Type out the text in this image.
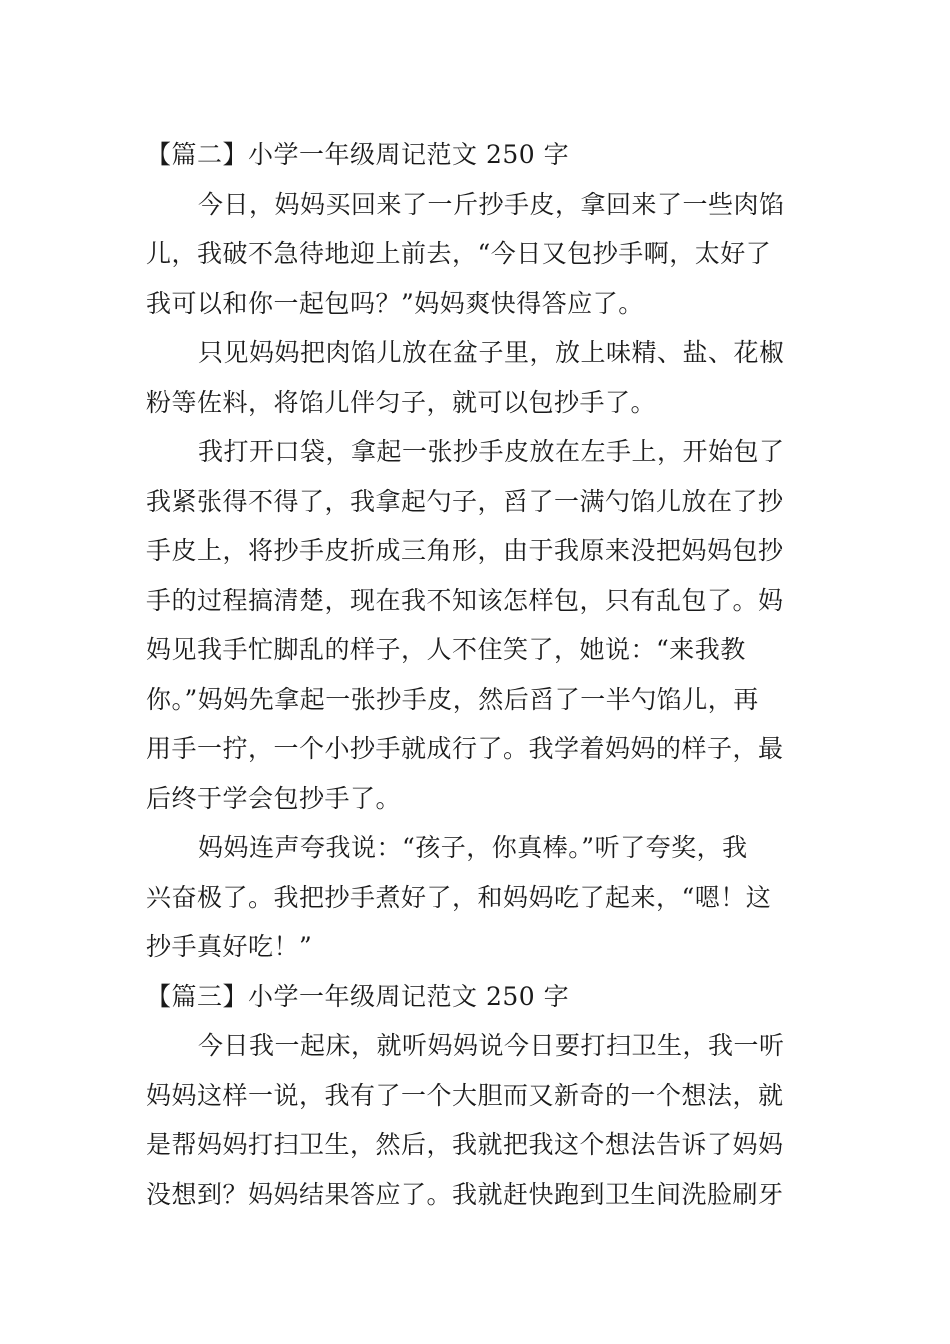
【篇二】小学一年级周记范文 250 字
今日，妈妈买回来了一斤抄手皮，拿回来了一些肉馅
儿，我破不急待地迎上前去，“今日又包抄手啊，太好了
我可以和你一起包吗？”妈妈爽快得答应了。
只见妈妈把肉馅儿放在盆子里，放上味精、盐、花椒
粉等佐料，将馅儿伴匀子，就可以包抄手了。
我打开口袋，拿起一张抄手皮放在左手上，开始包了
我紧张得不得了，我拿起勺子，舀了一满勺馅儿放在了抄
手皮上，将抄手皮折成三角形，由于我原来没把妈妈包抄
手的过程搞清楚，现在我不知该怎样包，只有乱包了。妈
妈见我手忙脚乱的样子，人不住笑了，她说：“来我教
你。”妈妈先拿起一张抄手皮，然后舀了一半勺馅儿，再
用手一拧，一个小抄手就成行了。我学着妈妈的样子，最
后终于学会包抄手了。
妈妈连声夸我说：“孩子，你真棒。”听了夸奖，我
兴奋极了。我把抄手煮好了，和妈妈吃了起来，“嗯！这
抄手真好吃！”
【篇三】小学一年级周记范文 250 字
今日我一起床，就听妈妈说今日要打扫卫生，我一听
妈妈这样一说，我有了一个大胆而又新奇的一个想法，就
是帮妈妈打扫卫生，然后，我就把我这个想法告诉了妈妈
没想到？妈妈结果答应了。我就赶快跑到卫生间洗脸刷牙
